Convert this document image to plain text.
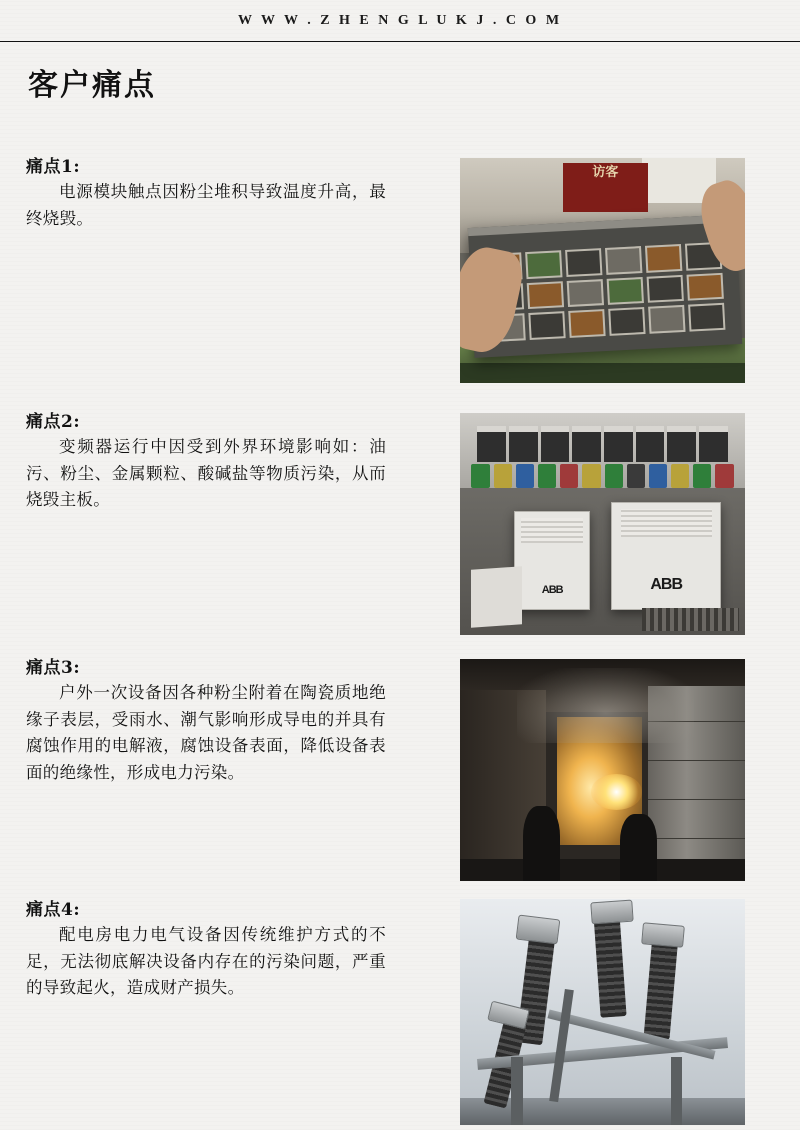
W W W . Z H E N G L U K J . C O M
客户痛点
痛点1:
电源模块触点因粉尘堆积导致温度升高，最终烧毁。
访客
痛点2:
变频器运行中因受到外界环境影响如：油污、粉尘、金属颗粒、酸碱盐等物质污染，从而烧毁主板。
ABB	ABB
痛点3:
户外一次设备因各种粉尘附着在陶瓷质地绝缘子表层，受雨水、潮气影响形成导电的并具有腐蚀作用的电解液，腐蚀设备表面，降低设备表面的绝缘性，形成电力污染。
痛点4:
配电房电力电气设备因传统维护方式的不足，无法彻底解决设备内存在的污染问题，严重的导致起火，造成财产损失。
